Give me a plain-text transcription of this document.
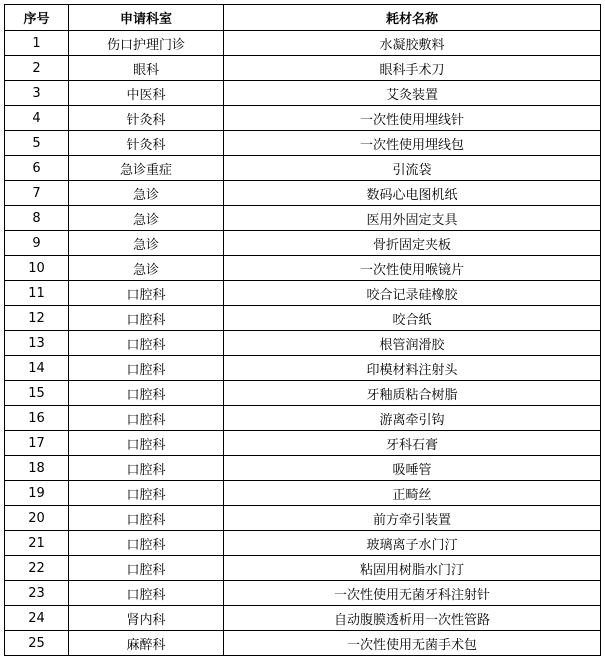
序号	申请科室	耗材名称
1	伤口护理门诊	水凝胶敷料
2	眼科	眼科手术刀
3	中医科	艾灸装置
4	针灸科	一次性使用埋线针
5	针灸科	一次性使用埋线包
6	急诊重症	引流袋
7	急诊	数码心电图机纸
8	急诊	医用外固定支具
9	急诊	骨折固定夹板
10	急诊	一次性使用喉镜片
11	口腔科	咬合记录硅橡胶
12	口腔科	咬合纸
13	口腔科	根管润滑胶
14	口腔科	印模材料注射头
15	口腔科	牙釉质粘合树脂
16	口腔科	游离牵引钩
17	口腔科	牙科石膏
18	口腔科	吸唾管
19	口腔科	正畸丝
20	口腔科	前方牵引装置
21	口腔科	玻璃离子水门汀
22	口腔科	粘固用树脂水门汀
23	口腔科	一次性使用无菌牙科注射针
24	肾内科	自动腹膜透析用一次性管路
25	麻醉科	一次性使用无菌手术包
